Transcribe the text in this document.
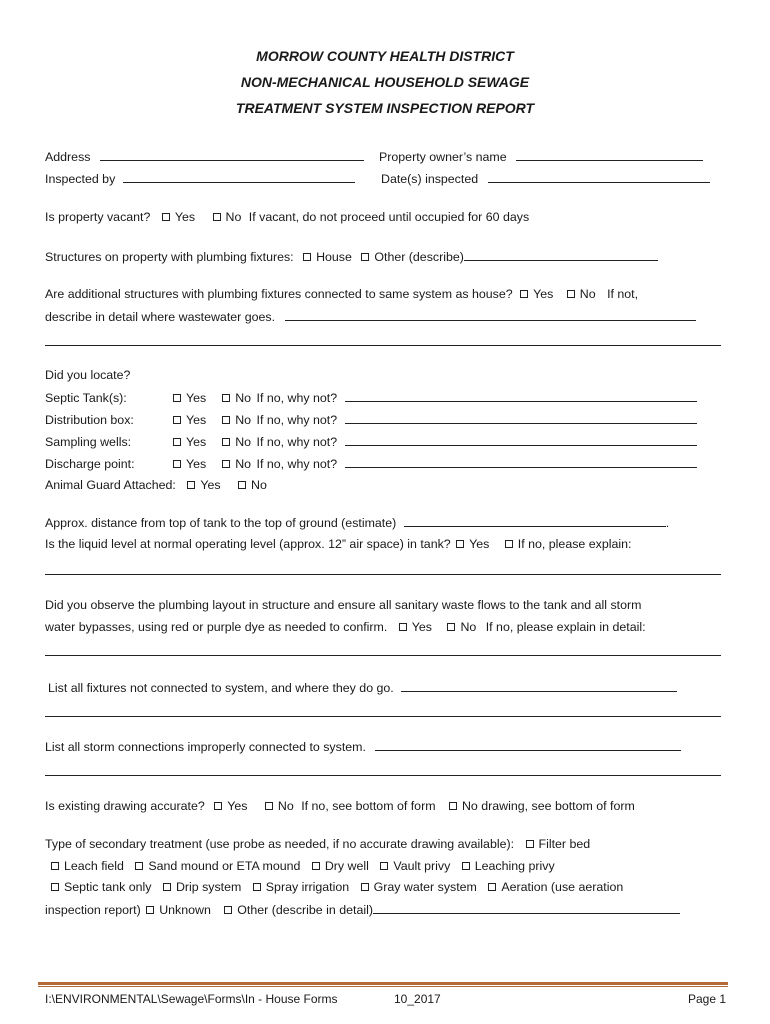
MORROW COUNTY HEALTH DISTRICT
NON-MECHANICAL HOUSEHOLD SEWAGE
TREATMENT SYSTEM INSPECTION REPORT
Address	Property owner’s name
Inspected by	Date(s) inspected
Is property vacant? Yes No If vacant, do not proceed until occupied for 60 days
Structures on property with plumbing fixtures: House Other (describe)
Are additional structures with plumbing fixtures connected to same system as house? Yes No If not,
describe in detail where wastewater goes.
Did you locate?
Septic Tank(s):	Yes No If no, why not?
Distribution box:	Yes No If no, why not?
Sampling wells:	Yes No If no, why not?
Discharge point:	Yes No If no, why not?
Animal Guard Attached: Yes No
Approx. distance from top of tank to the top of ground (estimate)	.
Is the liquid level at normal operating level (approx. 12” air space) in tank? Yes If no, please explain:
Did you observe the plumbing layout in structure and ensure all sanitary waste flows to the tank and all storm
water bypasses, using red or purple dye as needed to confirm. Yes No If no, please explain in detail:
List all fixtures not connected to system, and where they do go.
List all storm connections improperly connected to system.
Is existing drawing accurate? Yes No If no, see bottom of form No drawing, see bottom of form
Type of secondary treatment (use probe as needed, if no accurate drawing available): Filter bed
Leach field Sand mound or ETA mound Dry well Vault privy Leaching privy
Septic tank only Drip system Spray irrigation Gray water system Aeration (use aeration
inspection report) Unknown Other (describe in detail)
I:\ENVIRONMENTAL\Sewage\Forms\In - House Forms	10_2017	Page 1
